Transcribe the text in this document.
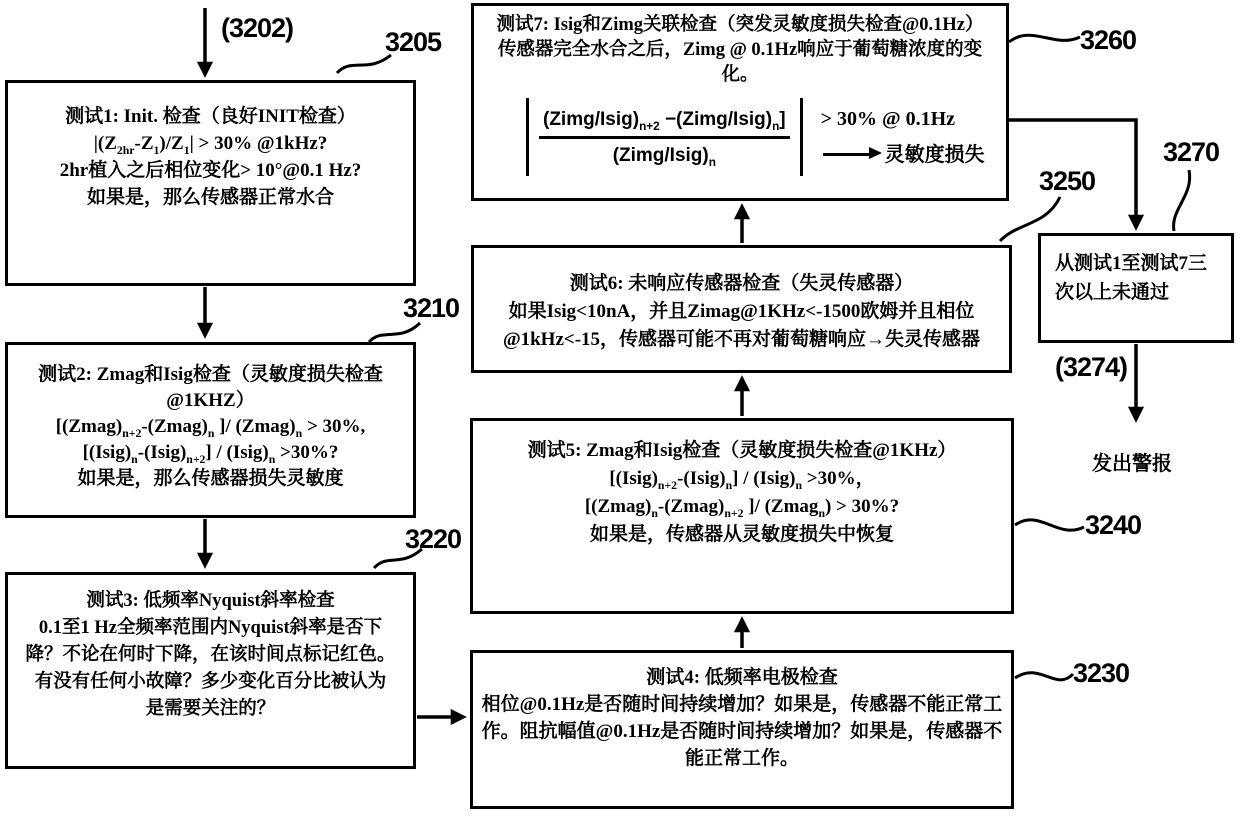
(3202)	3205
3210
3220
3230
3240
3250
3260
3270
(3274)
测试1: Init. 检查（良好INIT检查）
$|(Z_{2hr}-Z_1)/Z_1| > 30\%$ @1kHz?
2hr植入之后相位变化> 10°@0.1 Hz?
如果是，那么传感器正常水合
测试2: Zmag和Isig检查（灵敏度损失检查
@1KHZ）
[$(Zmag)_{n+2}-(Zmag)_n$ ]/ $(Zmag)_n > 30\%$,
$[(Isig)_n-(Isig)_{n+2}]$ / $(Isig)_n >30\%$?
如果是，那么传感器损失灵敏度
测试3: 低频率Nyquist斜率检查
0.1至1 Hz全频率范围内Nyquist斜率是否下
降？不论在何时下降，在该时间点标记红色。
有没有任何小故障？多少变化百分比被认为
是需要关注的？
测试4: 低频率电极检查
相位@0.1Hz是否随时间持续增加？如果是，传感器不能正常工
作。阻抗幅值@0.1Hz是否随时间持续增加？如果是，传感器不
能正常工作。
测试5: Zmag和Isig检查（灵敏度损失检查@1KHz）
$[(Isig)_{n+2}-(Isig)_n]$ / $(Isig)_n >30\%$，
[$(Zmag)_n-(Zmag)_{n+2}$ ]/ (Zmag$_n$) > 30%?
如果是，传感器从灵敏度损失中恢复
测试6: 未响应传感器检查（失灵传感器）
如果Isig<10nA，并且Zimag@1KHz<-1500欧姆并且相位
@1kHz<-15，传感器可能不再对葡萄糖响应→失灵传感器
测试7: Isig和Zimg关联检查（突发灵敏度损失检查@0.1Hz）
传感器完全水合之后，Zimg @ 0.1Hz响应于葡萄糖浓度的变
化。
$\frac{(Zimg/Isig)_{n+2} -(Zimg/Isig)_n]}{(Zimg/Isig)_n} > 30\%$ @ 0.1Hz
灵敏度损失
从测试1至测试7三
次以上未通过
发出警报
